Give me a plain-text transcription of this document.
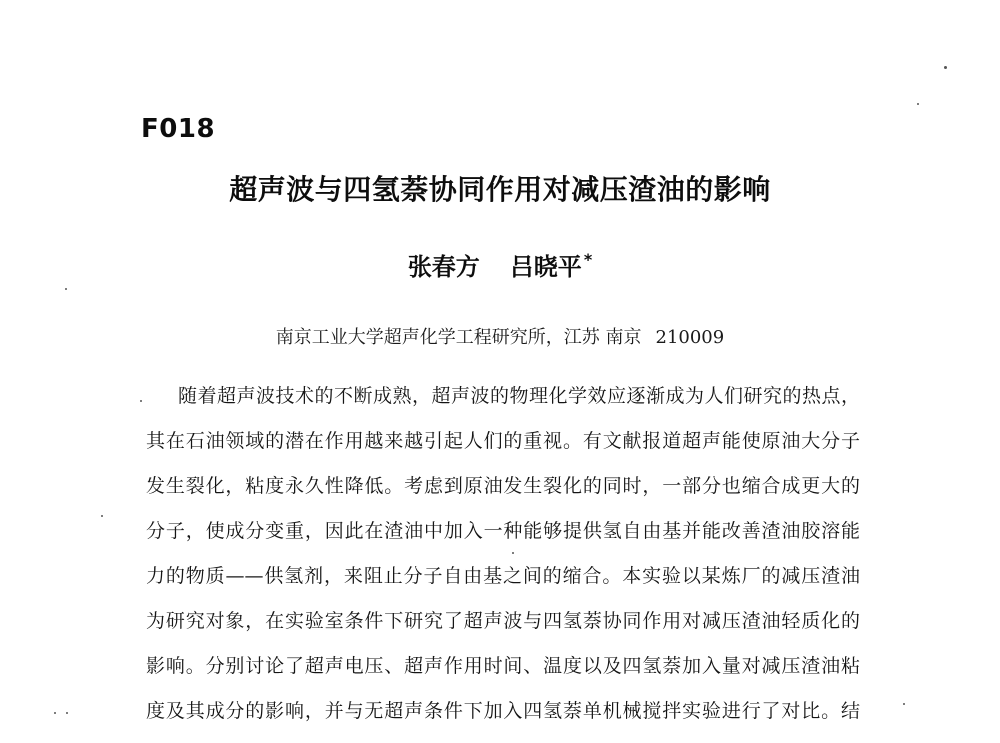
F018
超声波与四氢萘协同作用对减压渣油的影响
张春方 吕晓平 *
南京工业大学超声化学工程研究所，江苏 南京 210009
随着超声波技术的不断成熟，超声波的物理化学效应逐渐成为人们研究的热点，
其在石油领域的潜在作用越来越引起人们的重视。有文献报道超声能使原油大分子
发生裂化，粘度永久性降低。考虑到原油发生裂化的同时，一部分也缩合成更大的
分子，使成分变重，因此在渣油中加入一种能够提供氢自由基并能改善渣油胶溶能
力的物质——供氢剂，来阻止分子自由基之间的缩合。本实验以某炼厂的减压渣油
为研究对象，在实验室条件下研究了超声波与四氢萘协同作用对减压渣油轻质化的
影响。分别讨论了超声电压、超声作用时间、温度以及四氢萘加入量对减压渣油粘
度及其成分的影响，并与无超声条件下加入四氢萘单机械搅拌实验进行了对比。结
